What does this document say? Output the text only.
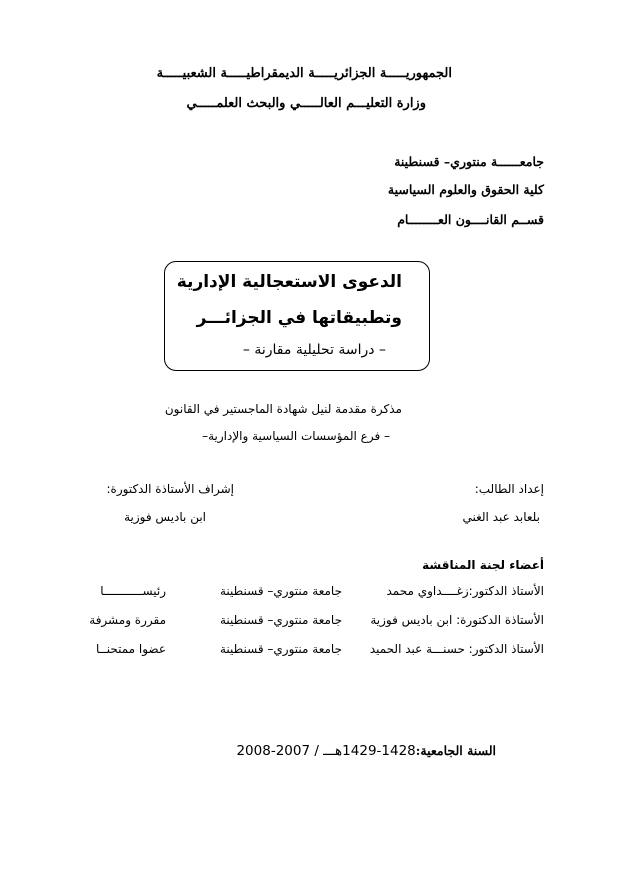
الجمهوريـــــة الجزائريـــــة الديمقراطيـــــة الشعبيـــــة
وزارة التعليـــم العالـــــي والبحث العلمـــــي
جامعــــــة منتوري– قسنطينة
كلية الحقوق والعلوم السياسية
قســم القانــــون العــــــــام
الدعوى الاستعجالية الإدارية
وتطبيقاتها في الجزائـــر
– دراسة تحليلية مقارنة –
مذكرة مقدمة لنيل شهادة الماجستير في القانون
– فرع المؤسسات السياسية والإدارية–
إعداد الطالب:
إشراف الأستاذة الدكتورة:
بلعابد عبد الغني
ابن باديس فوزية
أعضاء لجنة المناقشة
الأستاذ الدكتور:زغــــداوي محمد
جامعة منتوري– قسنطينة
رئيســـــــــــا
الأستاذة الدكتورة: ابن باديس فوزية
جامعة منتوري– قسنطينة
مقررة ومشرفة
الأستاذ الدكتور: حسنـــة عبد الحميد
جامعة منتوري– قسنطينة
عضوا ممتحنــا
السنة الجامعية:1428-1429هـــ / 2007-2008
